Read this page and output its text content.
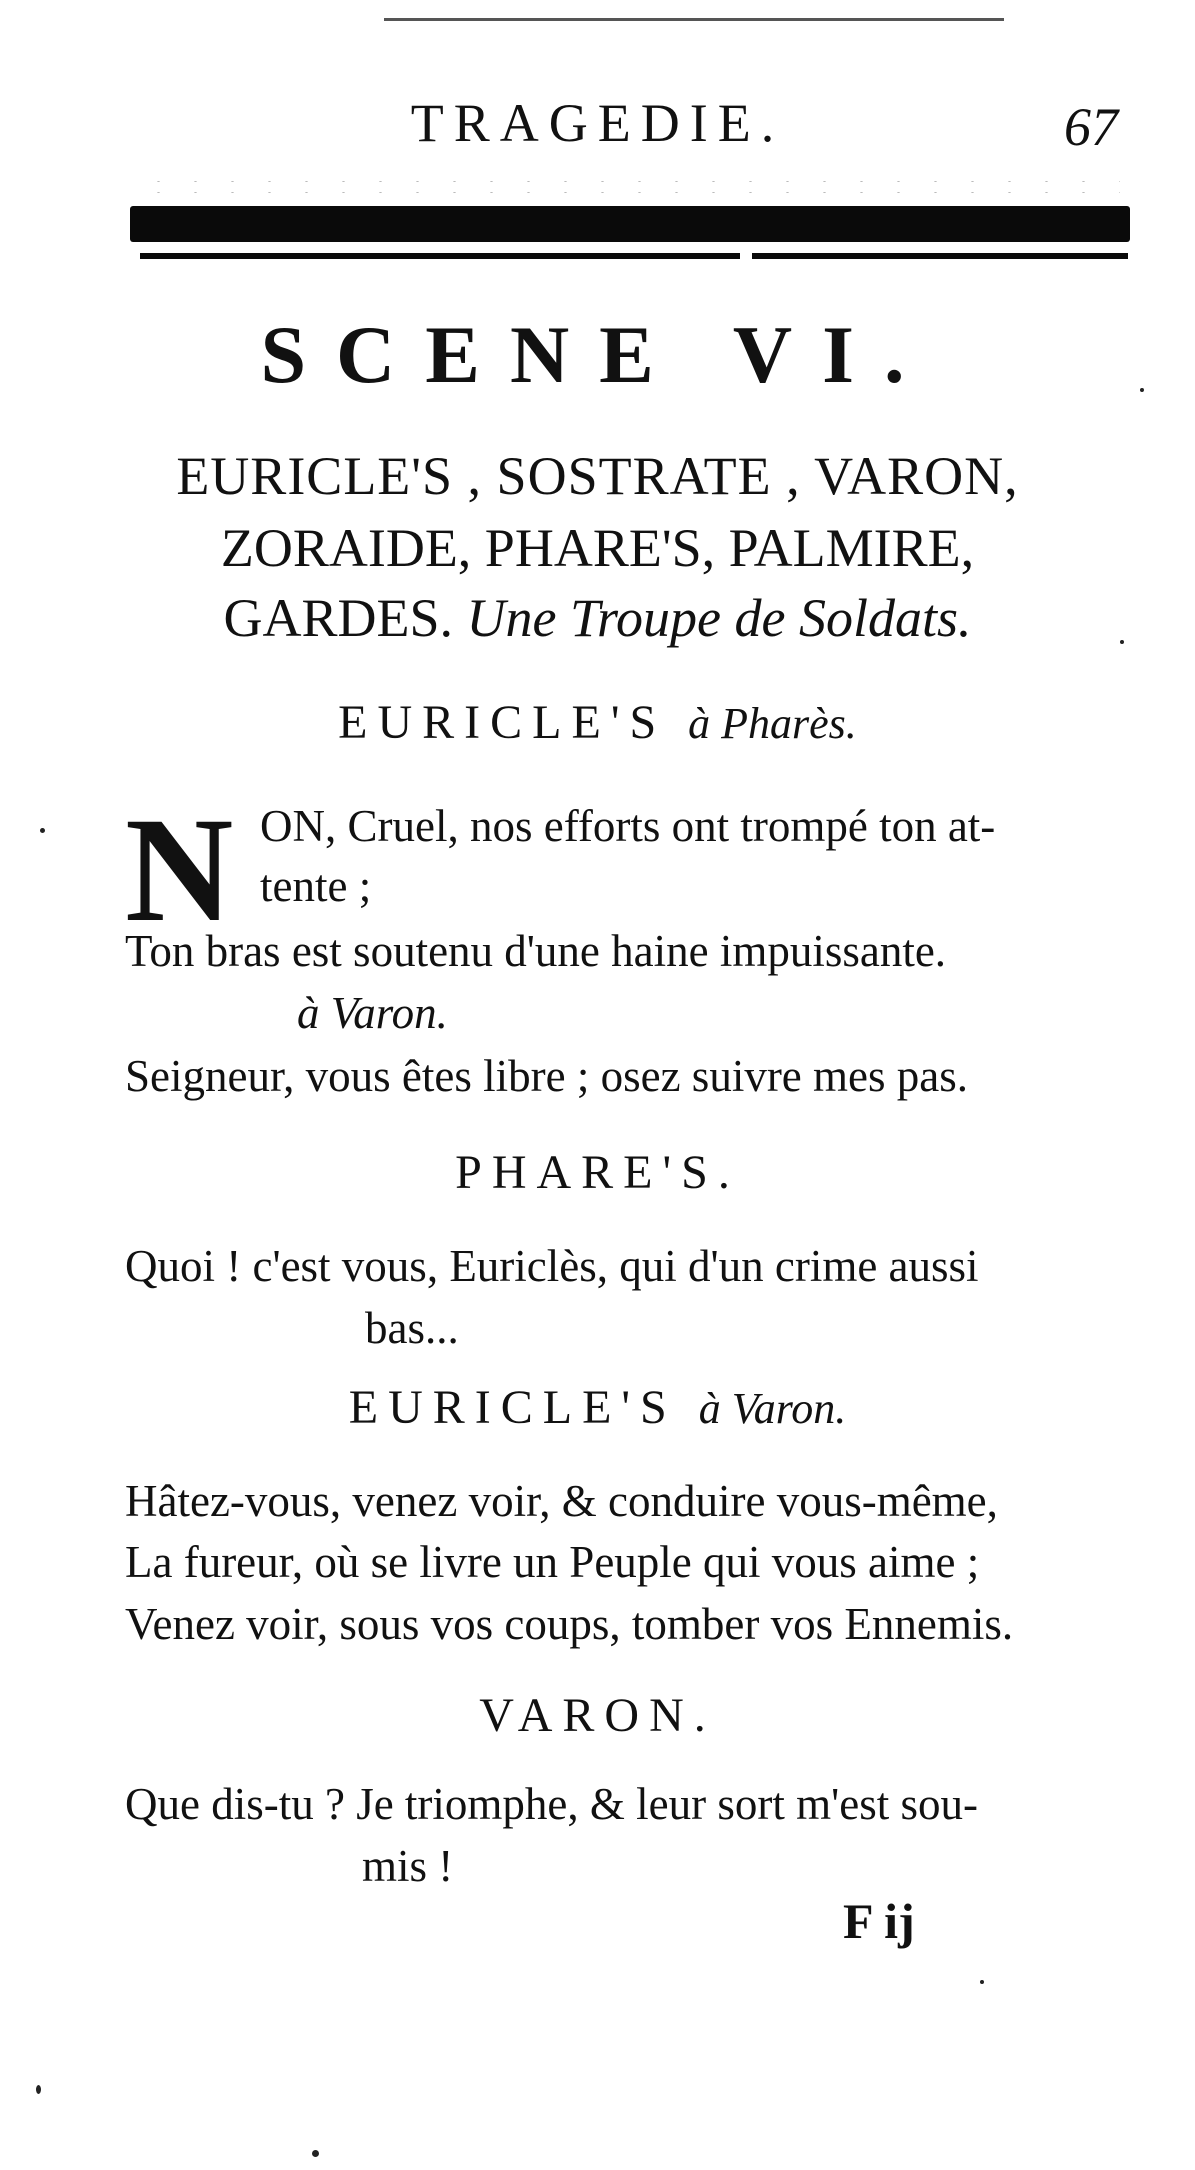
TRAGEDIE.	67
SCENE VI.
EURICLE'S , SOSTRATE , VARON,
ZORAIDE, PHARE'S, PALMIRE,
GARDES. Une Troupe de Soldats.
EURICLE'S à Pharès.
N ON, Cruel, nos efforts ont trompé ton at-
tente ;
Ton bras est soutenu d'une haine impuissante.
à Varon.
Seigneur, vous êtes libre ; osez suivre mes pas.
PHARE'S.
Quoi ! c'est vous, Euriclès, qui d'un crime aussi
bas...
EURICLE'S à Varon.
Hâtez-vous, venez voir, & conduire vous-même,
La fureur, où se livre un Peuple qui vous aime ;
Venez voir, sous vos coups, tomber vos Ennemis.
VARON.
Que dis-tu ? Je triomphe, & leur sort m'est sou-
mis !
F ij
